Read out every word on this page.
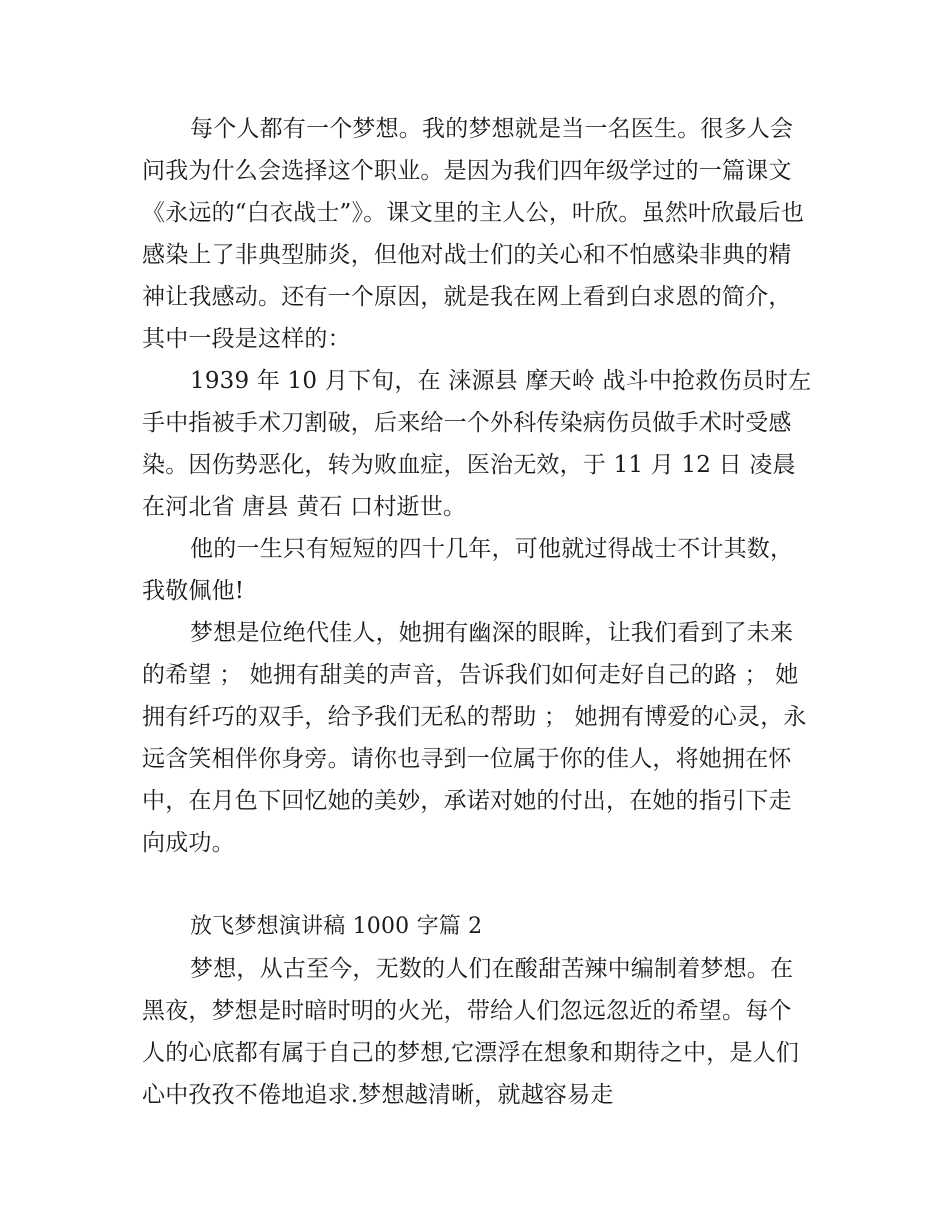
每个人都有一个梦想。我的梦想就是当一名医生。很多人会问我为什么会选择这个职业。是因为我们四年级学过的一篇课文《永远的“白衣战士”》。课文里的主人公，叶欣。虽然叶欣最后也感染上了非典型肺炎，但他对战士们的关心和不怕感染非典的精神让我感动。还有一个原因，就是我在网上看到白求恩的简介，其中一段是这样的：

1939 年 10 月下旬，在 涞源县 摩天岭 战斗中抢救伤员时左手中指被手术刀割破，后来给一个外科传染病伤员做手术时受感染。因伤势恶化，转为败血症，医治无效，于 11 月 12 日 凌晨在河北省 唐县 黄石 口村逝世。

他的一生只有短短的四十几年，可他就过得战士不计其数，我敬佩他!

梦想是位绝代佳人，她拥有幽深的眼眸，让我们看到了未来的希望 ； 她拥有甜美的声音，告诉我们如何走好自己的路 ； 她拥有纤巧的双手，给予我们无私的帮助 ； 她拥有博爱的心灵，永远含笑相伴你身旁。请你也寻到一位属于你的佳人，将她拥在怀中，在月色下回忆她的美妙，承诺对她的付出，在她的指引下走向成功。

放飞梦想演讲稿 1000 字篇 2

梦想，从古至今，无数的人们在酸甜苦辣中编制着梦想。在黑夜，梦想是时暗时明的火光，带给人们忽远忽近的希望。每个人的心底都有属于自己的梦想,它漂浮在想象和期待之中，是人们心中孜孜不倦地追求.梦想越清晰，就越容易走
